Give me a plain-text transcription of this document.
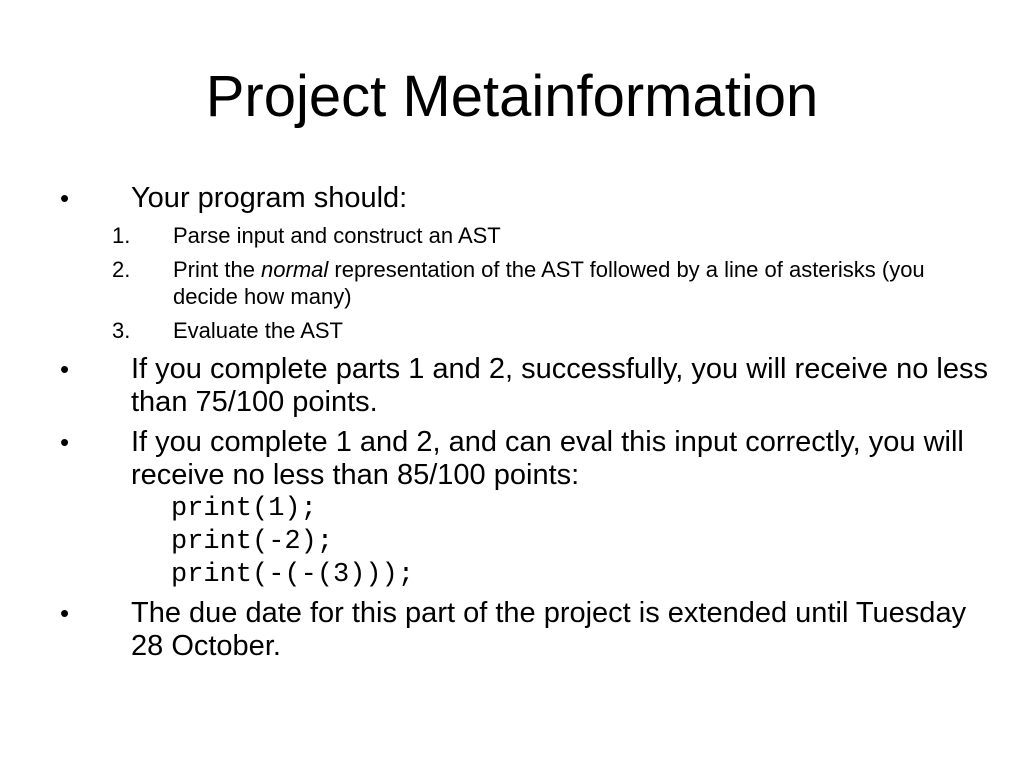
Project Metainformation
• Your program should:
1. Parse input and construct an AST
2. Print the normal representation of the AST followed by a line of asterisks (you decide how many)
3. Evaluate the AST
• If you complete parts 1 and 2, successfully, you will receive no less than 75/100 points.
• If you complete 1 and 2, and can eval this input correctly, you will receive no less than 85/100 points:
print(1);
print(-2);
print(-(-(3)));
• The due date for this part of the project is extended until Tuesday 28 October.
